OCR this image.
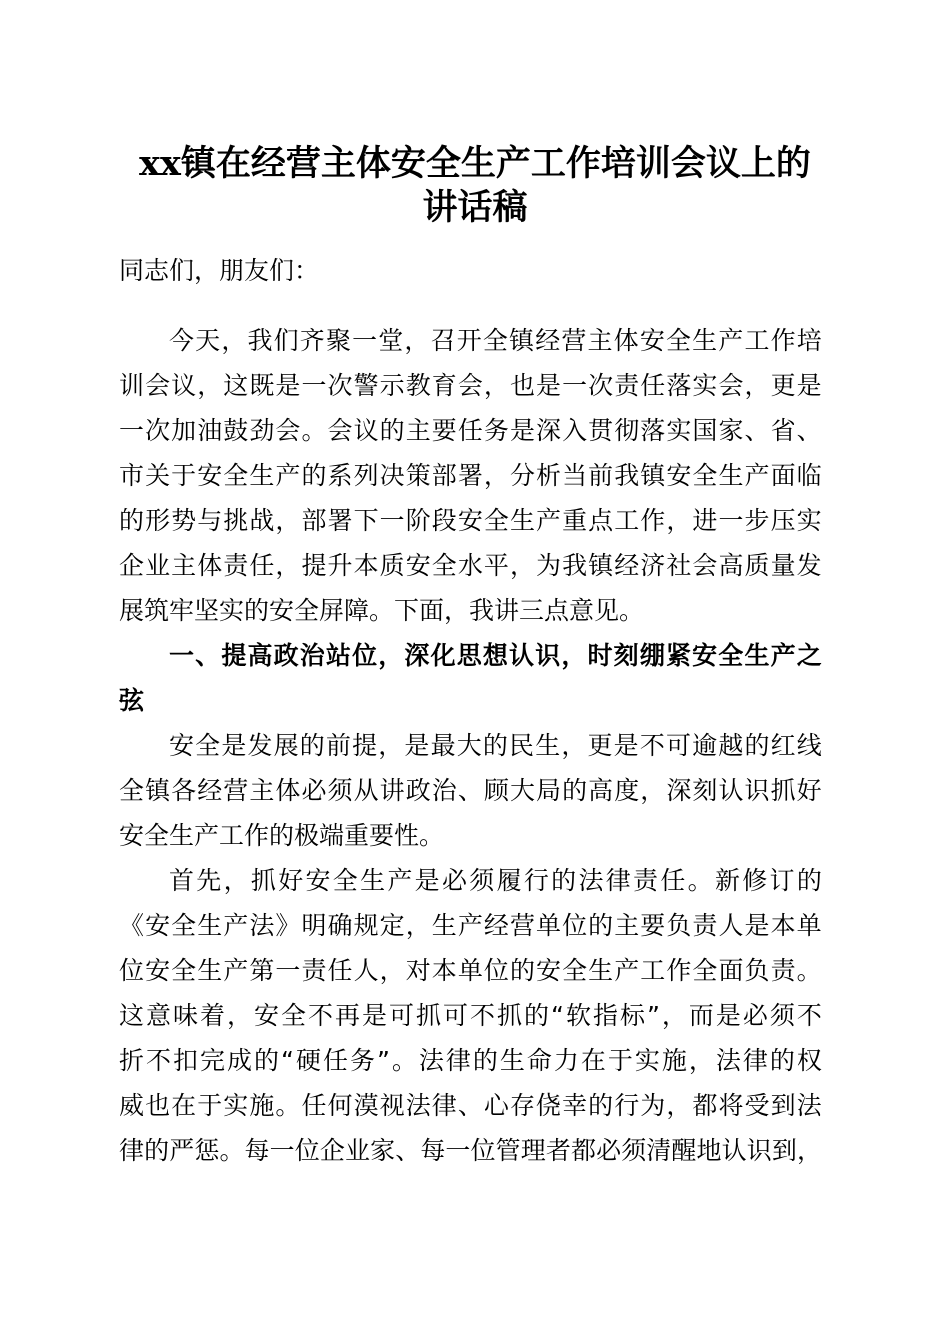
xx镇在经营主体安全生产工作培训会议上的
讲话稿
同志们，朋友们：
今 天 ， 我 们 齐 聚 一 堂 ， 召 开 全 镇 经 营 主 体 安 全 生 产 工 作 培
训 会 议 ， 这 既 是 一 次 警 示 教 育 会 ， 也 是 一 次 责 任 落 实 会 ， 更 是
一 次 加 油 鼓 劲 会 。 会 议 的 主 要 任 务 是 深 入 贯 彻 落 实 国 家 、 省 、
市 关 于 安 全 生 产 的 系 列 决 策 部 署 ， 分 析 当 前 我 镇 安 全 生 产 面 临
的 形 势 与 挑 战 ， 部 署 下 一 阶 段 安 全 生 产 重 点 工 作 ， 进 一 步 压 实
企 业 主 体 责 任 ， 提 升 本 质 安 全 水 平 ， 为 我 镇 经 济 社 会 高 质 量 发
展筑牢坚实的安全屏障。下面，我讲三点意见。
一 、 提 高 政 治 站 位 ， 深 化 思 想 认 识 ， 时 刻 绷 紧 安 全 生 产 之
弦
安 全 是 发 展 的 前 提 ， 是 最 大 的 民 生 ， 更 是 不 可 逾 越 的 红 线
全 镇 各 经 营 主 体 必 须 从 讲 政 治 、 顾 大 局 的 高 度 ， 深 刻 认 识 抓 好
安全生产工作的极端重要性。
首 先 ， 抓 好 安 全 生 产 是 必 须 履 行 的 法 律 责 任 。 新 修 订 的
《 安 全 生 产 法 》 明 确 规 定 ， 生 产 经 营 单 位 的 主 要 负 责 人 是 本 单
位 安 全 生 产 第 一 责 任 人 ， 对 本 单 位 的 安 全 生 产 工 作 全 面 负 责 。
这 意 味 着 ， 安 全 不 再 是 可 抓 可 不 抓 的 “ 软 指 标 ” ， 而 是 必 须 不
折 不 扣 完 成 的 “ 硬 任 务 ” 。 法 律 的 生 命 力 在 于 实 施 ， 法 律 的 权
威 也 在 于 实 施 。 任 何 漠 视 法 律 、 心 存 侥 幸 的 行 为 ， 都 将 受 到 法
律 的 严 惩 。 每 一 位 企 业 家 、 每 一 位 管 理 者 都 必 须 清 醒 地 认 识 到 ，
